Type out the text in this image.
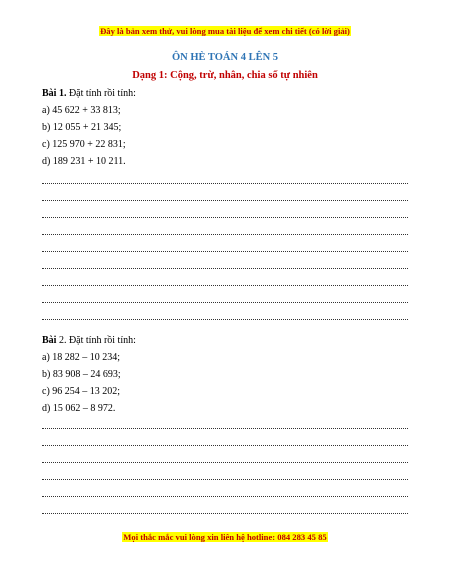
Đây là bản xem thử, vui lòng mua tài liệu để xem chi tiết (có lời giải)
ÔN HÈ TOÁN 4 LÊN 5
Dạng 1: Cộng, trừ, nhân, chia số tự nhiên
Bài 1. Đặt tính rồi tính:
a) 45 622 + 33 813;
b) 12 055 + 21 345;
c) 125 970 + 22 831;
d) 189 231 + 10 211.
Bài 2. Đặt tính rồi tính:
a) 18 282 – 10 234;
b) 83 908 – 24 693;
c) 96 254 – 13 202;
d) 15 062 – 8 972.
Mọi thắc mắc vui lòng xin liên hệ hotline: 084 283 45 85
